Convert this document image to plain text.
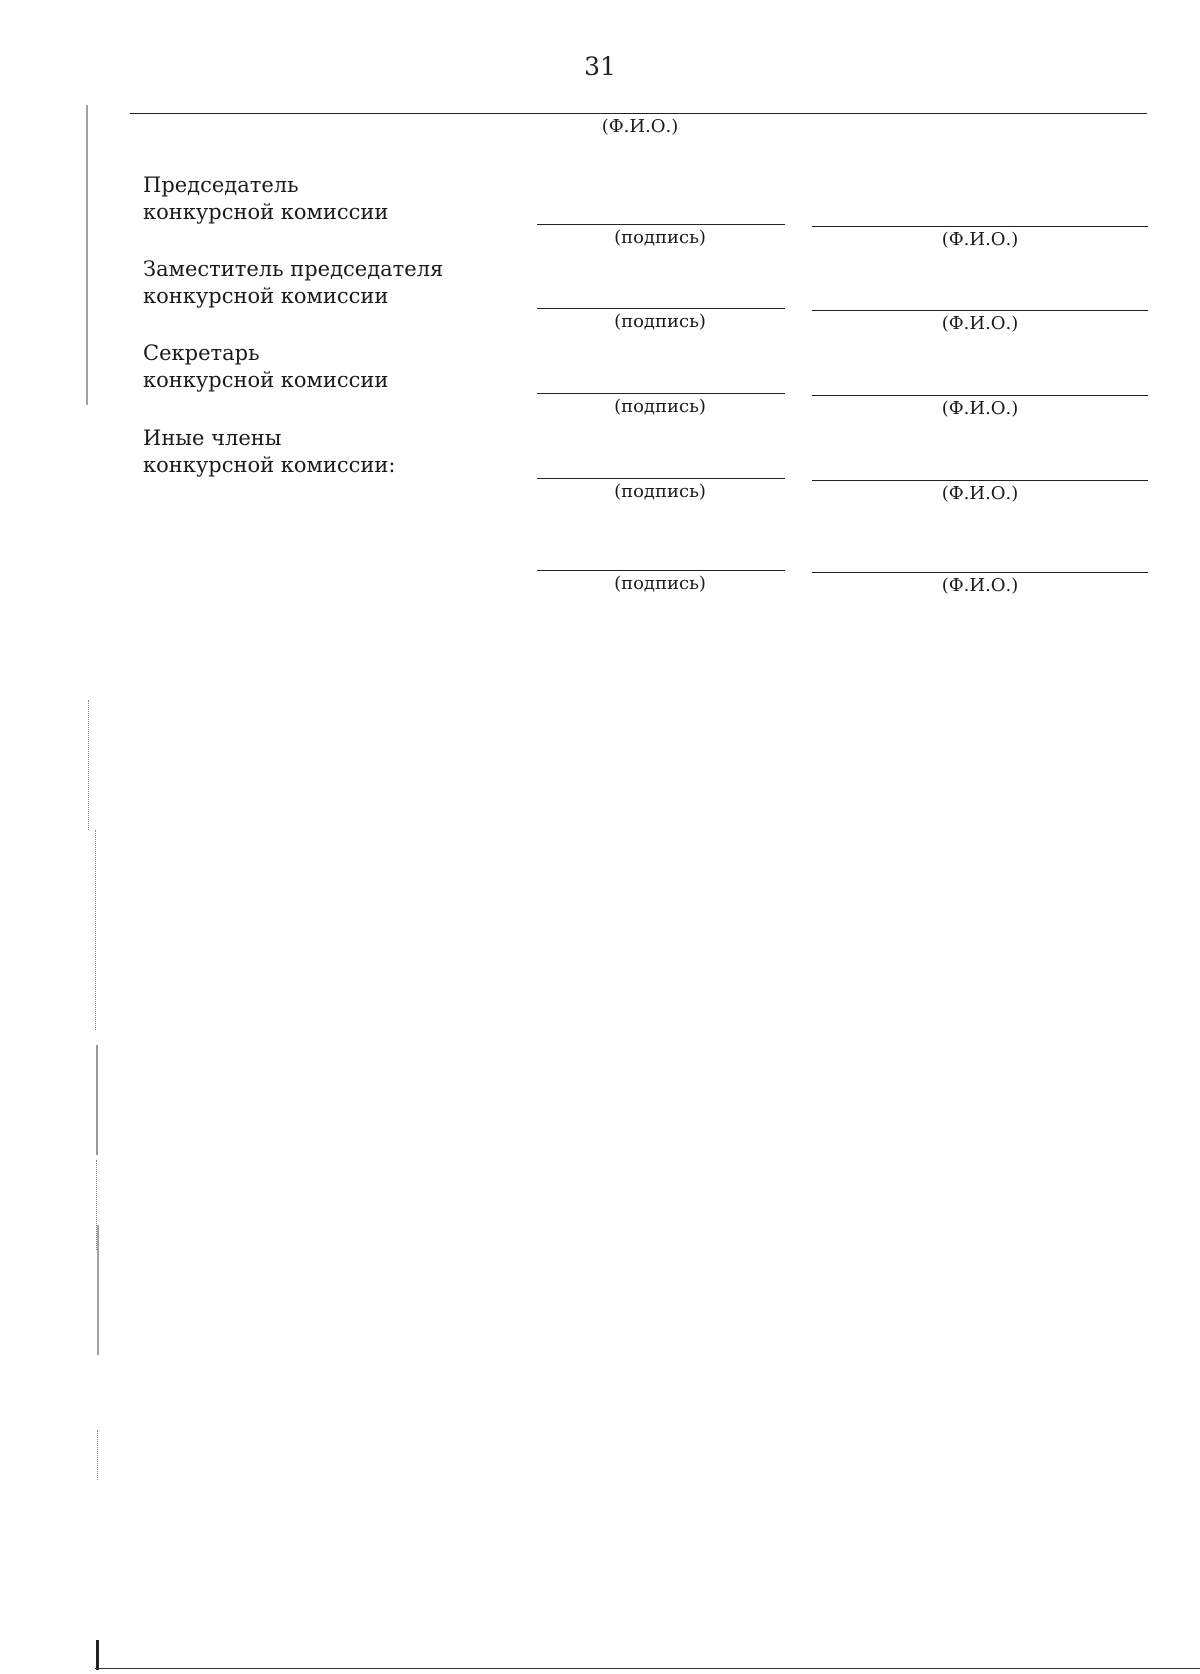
31
(Ф.И.О.)
Председатель
конкурсной комиссии
(подпись)	(Ф.И.О.)
Заместитель председателя
конкурсной комиссии
(подпись)	(Ф.И.О.)
Секретарь
конкурсной комиссии
(подпись)	(Ф.И.О.)
Иные члены
конкурсной комиссии:
(подпись)	(Ф.И.О.)
(подпись)	(Ф.И.О.)
